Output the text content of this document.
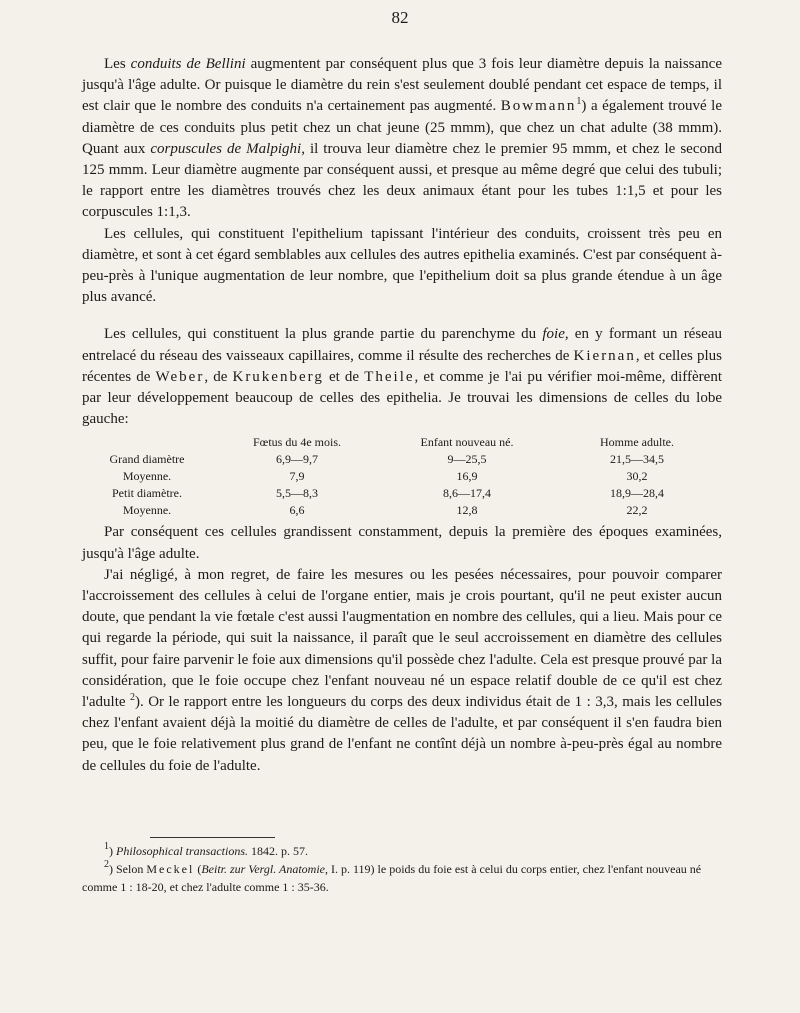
82

Les conduits de Bellini augmentent par conséquent plus que 3 fois leur diamètre depuis la naissance jusqu'à l'âge adulte. Or puisque le diamètre du rein s'est seulement doublé pendant cet espace de temps, il est clair que le nombre des conduits n'a certainement pas augmenté. Bowmann$^1$) a également trouvé le diamètre de ces conduits plus petit chez un chat jeune (25 mmm), que chez un chat adulte (38 mmm). Quant aux corpuscules de Malpighi, il trouva leur diamètre chez le premier 95 mmm, et chez le second 125 mmm. Leur diamètre augmente par conséquent aussi, et presque au même degré que celui des tubuli; le rapport entre les diamètres trouvés chez les deux animaux étant pour les tubes 1:1,5 et pour les corpuscules 1:1,3.

Les cellules, qui constituent l'epithelium tapissant l'intérieur des conduits, croissent très peu en diamètre, et sont à cet égard semblables aux cellules des autres epithelia examinés. C'est par conséquent à-peu-près à l'unique augmentation de leur nombre, que l'epithelium doit sa plus grande étendue à un âge plus avancé.

Les cellules, qui constituent la plus grande partie du parenchyme du foie, en y formant un réseau entrelacé du réseau des vaisseaux capillaires, comme il résulte des recherches de Kiernan, et celles plus récentes de Weber, de Krukenberg et de Theile, et comme je l'ai pu vérifier moi-même, diffèrent par leur développement beaucoup de celles des epithelia. Je trouvai les dimensions de celles du lobe gauche:

	Fœtus du 4e mois.	Enfant nouveau né.	Homme adulte.
Grand diamètre	6,9—9,7	9—25,5	21,5—34,5
Moyenne.	7,9	16,9	30,2
Petit diamètre.	5,5—8,3	8,6—17,4	18,9—28,4
Moyenne.	6,6	12,8	22,2

Par conséquent ces cellules grandissent constamment, depuis la première des époques examinées, jusqu'à l'âge adulte.

J'ai négligé, à mon regret, de faire les mesures ou les pesées nécessaires, pour pouvoir comparer l'accroissement des cellules à celui de l'organe entier, mais je crois pourtant, qu'il ne peut exister aucun doute, que pendant la vie fœtale c'est aussi l'augmentation en nombre des cellules, qui a lieu. Mais pour ce qui regarde la période, qui suit la naissance, il paraît que le seul accroissement en diamètre des cellules suffit, pour faire parvenir le foie aux dimensions qu'il possède chez l'adulte. Cela est presque prouvé par la considération, que le foie occupe chez l'enfant nouveau né un espace relatif double de ce qu'il est chez l'adulte $^2$). Or le rapport entre les longueurs du corps des deux individus était de 1 : 3,3, mais les cellules chez l'enfant avaient déjà la moitié du diamètre de celles de l'adulte, et par conséquent il s'en faudra bien peu, que le foie relativement plus grand de l'enfant ne contînt déjà un nombre à-peu-près égal au nombre de cellules du foie de l'adulte.

$^1$) Philosophical transactions. 1842. p. 57.

$^2$) Selon Meckel (Beitr. zur Vergl. Anatomie, I. p. 119) le poids du foie est à celui du corps entier, chez l'enfant nouveau né comme 1 : 18-20, et chez l'adulte comme 1 : 35-36.
